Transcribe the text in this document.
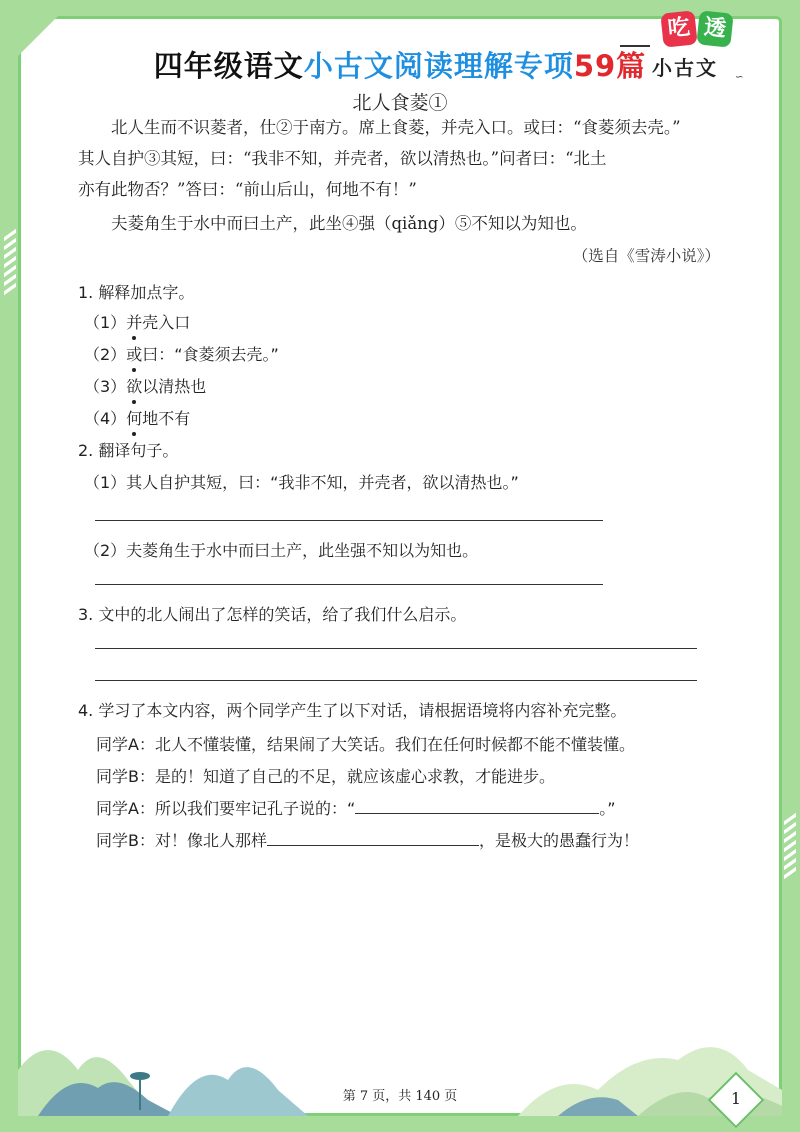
吃 透
小古文 ∽
四年级语文小古文阅读理解专项59篇
北人食菱①
北人生而不识菱者，仕②于南方。席上食菱，并壳入口。或曰：“食菱须去壳。”
其人自护③其短，曰：“我非不知，并壳者，欲以清热也。”问者曰：“北土
亦有此物否？”答曰：“前山后山，何地不有！”
夫菱角生于水中而曰土产，此坐④强（qiǎng）⑤不知以为知也。
（选自《雪涛小说》）
1. 解释加点字。
（1）并壳入口
（2）或曰：“食菱须去壳。”
（3）欲以清热也
（4）何地不有
2. 翻译句子。
（1）其人自护其短，曰：“我非不知，并壳者，欲以清热也。”
（2）夫菱角生于水中而曰土产，此坐强不知以为知也。
3. 文中的北人闹出了怎样的笑话，给了我们什么启示。
4. 学习了本文内容，两个同学产生了以下对话，请根据语境将内容补充完整。
同学A：北人不懂装懂，结果闹了大笑话。我们在任何时候都不能不懂装懂。
同学B：是的！知道了自己的不足，就应该虚心求教，才能进步。
同学A：所以我们要牢记孔子说的：“	。”
同学B：对！像北人那样	，是极大的愚蠢行为！
第 7 页，共 140 页	1
